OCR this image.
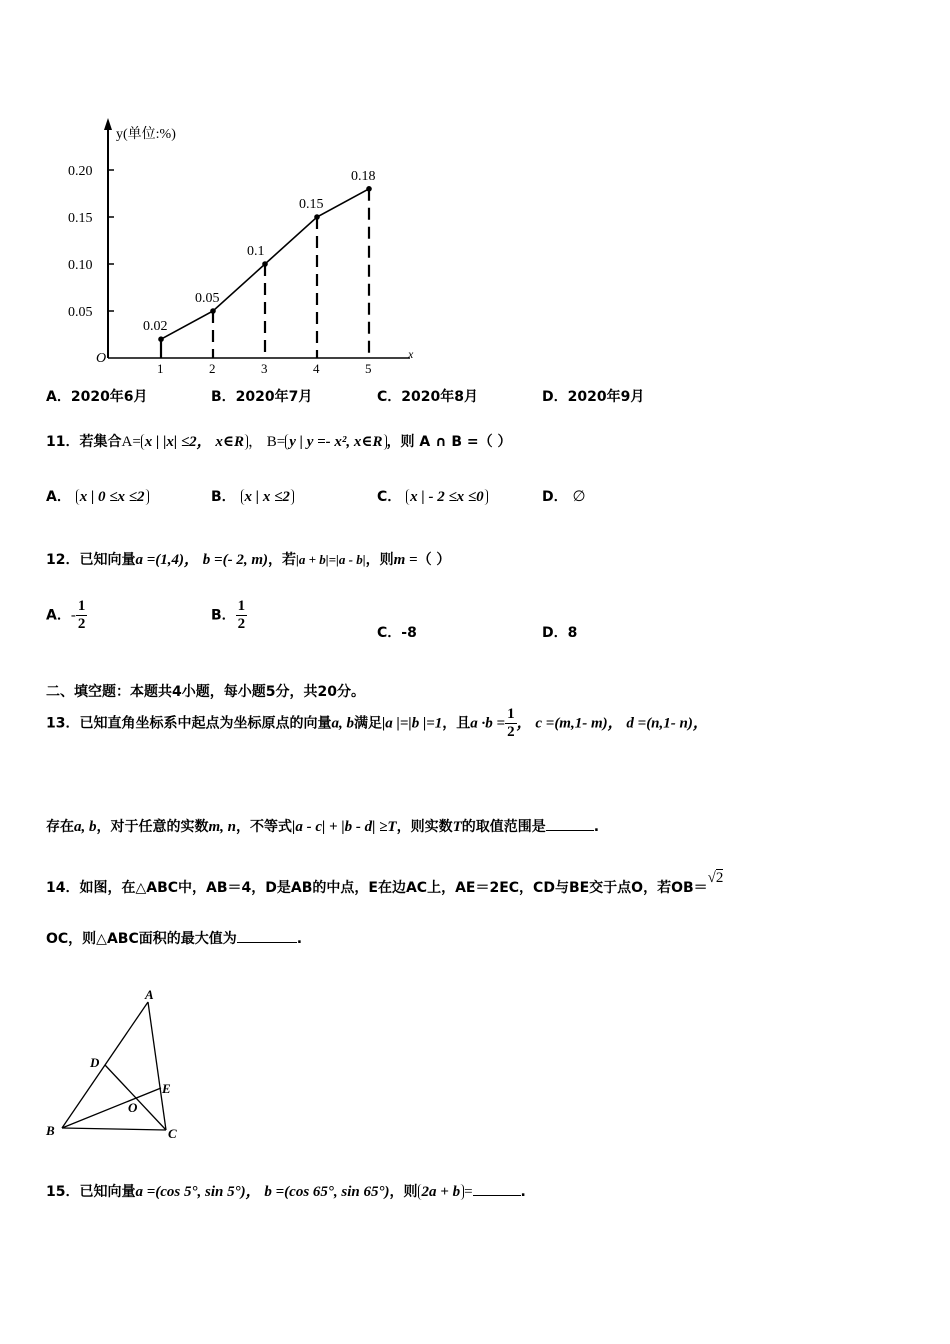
y(单位:%)
x
O
0.05
0.10
0.15
0.20
1	2	3	4	5
0.02
0.05
0.1
0.15
0.18
A．2020年6月	B．2020年7月	C．2020年8月	D．2020年9月
11．若集合A= x | |x| ≤2， x∈R ， B= y | y =- x², x∈R ，则 A ∩ B =（ ）
A． x | 0 ≤x ≤2	B． x | x ≤2	C． x | - 2 ≤x ≤0	D． ∅
12．已知向量a =(1,4)， b =(- 2, m)，若|a + b|=|a - b|，则m =（ ）
A．- $\frac{1}{2}$	B． $\frac{1}{2}$	C．-8	D．8
二、填空题：本题共4小题，每小题5分，共20分。
13．已知直角坐标系中起点为坐标原点的向量a, b满足|a |=|b |=1，且$a \cdot b = \frac{1}{2}$ ， c =(m,1- m)， d =(n,1- n)，
存在a, b，对于任意的实数m, n，不等式|a - c| + |b - d| ≥T，则实数T的取值范围是	.
14．如图，在△ABC中，AB＝4，D是AB的中点，E在边AC上，AE＝2EC，CD与BE交于点O，若OB＝√2
OC，则△ABC面积的最大值为	.
A
B	C
D
E
O
15．已知向量a =(cos 5°, sin 5°)， b =(cos 65°, sin 65°)，则 2a + b =	.
